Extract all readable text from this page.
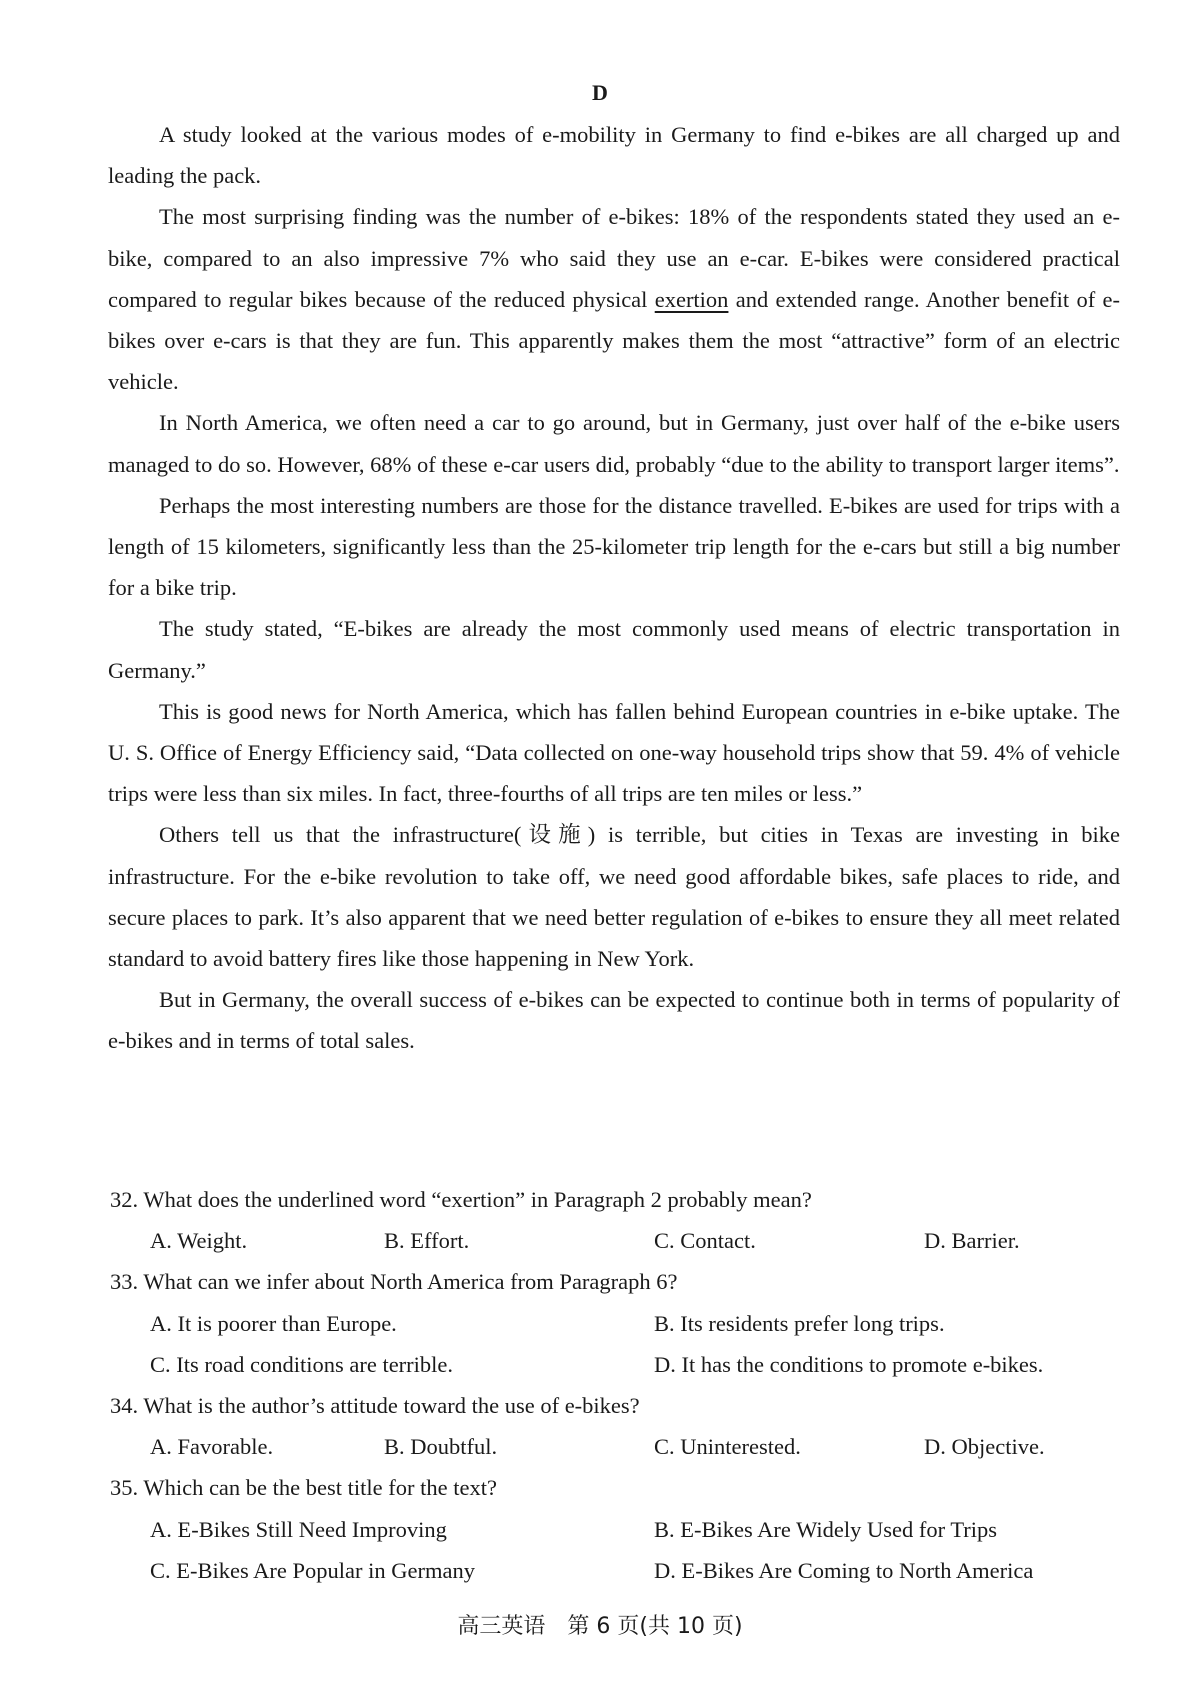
D

A study looked at the various modes of e-mobility in Germany to find e-bikes are all charged up and leading the pack.

The most surprising finding was the number of e-bikes: 18% of the respondents stated they used an e-bike, compared to an also impressive 7% who said they use an e-car. E-bikes were considered practical compared to regular bikes because of the reduced physical exertion and extended range. Another benefit of e-bikes over e-cars is that they are fun. This apparently makes them the most “attractive” form of an electric vehicle.

In North America, we often need a car to go around, but in Germany, just over half of the e-bike users managed to do so. However, 68% of these e-car users did, probably “due to the ability to transport larger items”.

Perhaps the most interesting numbers are those for the distance travelled. E-bikes are used for trips with a length of 15 kilometers, significantly less than the 25-kilometer trip length for the e-cars but still a big number for a bike trip.

The study stated, “E-bikes are already the most commonly used means of electric transportation in Germany.”

This is good news for North America, which has fallen behind European countries in e-bike uptake. The U. S. Office of Energy Efficiency said, “Data collected on one-way household trips show that 59. 4% of vehicle trips were less than six miles. In fact, three-fourths of all trips are ten miles or less.”

Others tell us that the infrastructure(设施) is terrible, but cities in Texas are investing in bike infrastructure. For the e-bike revolution to take off, we need good affordable bikes, safe places to ride, and secure places to park. It’s also apparent that we need better regulation of e-bikes to ensure they all meet related standard to avoid battery fires like those happening in New York.

But in Germany, the overall success of e-bikes can be expected to continue both in terms of popularity of e-bikes and in terms of total sales.

32. What does the underlined word “exertion” in Paragraph 2 probably mean?

A. Weight.	B. Effort.	C. Contact.	D. Barrier.

33. What can we infer about North America from Paragraph 6?

A. It is poorer than Europe.	B. Its residents prefer long trips.
C. Its road conditions are terrible.	D. It has the conditions to promote e-bikes.

34. What is the author’s attitude toward the use of e-bikes?

A. Favorable.	B. Doubtful.	C. Uninterested.	D. Objective.

35. Which can be the best title for the text?

A. E-Bikes Still Need Improving	B. E-Bikes Are Widely Used for Trips
C. E-Bikes Are Popular in Germany	D. E-Bikes Are Coming to North America
高三英语　第 6 页(共 10 页)
